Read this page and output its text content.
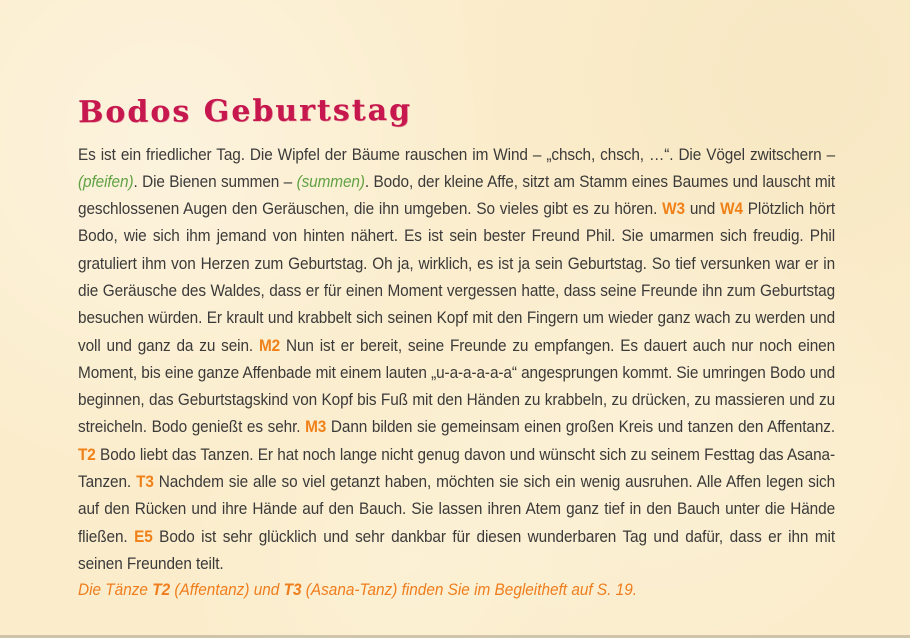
Bodos Geburtstag

Es ist ein friedlicher Tag. Die Wipfel der Bäume rauschen im Wind – „chsch, chsch, …“. Die Vögel zwitschern – (pfeifen). Die Bienen summen – (summen). Bodo, der kleine Affe, sitzt am Stamm eines Baumes und lauscht mit geschlossenen Augen den Geräuschen, die ihn umgeben. So vieles gibt es zu hören. W3 und W4 Plötzlich hört Bodo, wie sich ihm jemand von hinten nähert. Es ist sein bester Freund Phil. Sie umarmen sich freudig. Phil gratuliert ihm von Herzen zum Geburtstag. Oh ja, wirklich, es ist ja sein Geburtstag. So tief versunken war er in die Geräusche des Waldes, dass er für einen Moment vergessen hatte, dass seine Freunde ihn zum Geburtstag besuchen würden. Er krault und krabbelt sich seinen Kopf mit den Fingern um wieder ganz wach zu werden und voll und ganz da zu sein. M2 Nun ist er bereit, seine Freunde zu empfangen. Es dauert auch nur noch einen Moment, bis eine ganze Affenbade mit einem lauten „u-a-a-a-a-a“ angesprungen kommt. Sie umringen Bodo und beginnen, das Geburtstagskind von Kopf bis Fuß mit den Händen zu krabbeln, zu drücken, zu massieren und zu streicheln. Bodo genießt es sehr. M3 Dann bilden sie gemeinsam einen großen Kreis und tanzen den Affentanz. T2 Bodo liebt das Tanzen. Er hat noch lange nicht genug davon und wünscht sich zu seinem Festtag das Asana-Tanzen. T3 Nachdem sie alle so viel getanzt haben, möchten sie sich ein wenig ausruhen. Alle Affen legen sich auf den Rücken und ihre Hände auf den Bauch. Sie lassen ihren Atem ganz tief in den Bauch unter die Hände fließen. E5 Bodo ist sehr glücklich und sehr dankbar für diesen wunderbaren Tag und dafür, dass er ihn mit seinen Freunden teilt.

Die Tänze T2 (Affentanz) und T3 (Asana-Tanz) finden Sie im Begleitheft auf S. 19.
